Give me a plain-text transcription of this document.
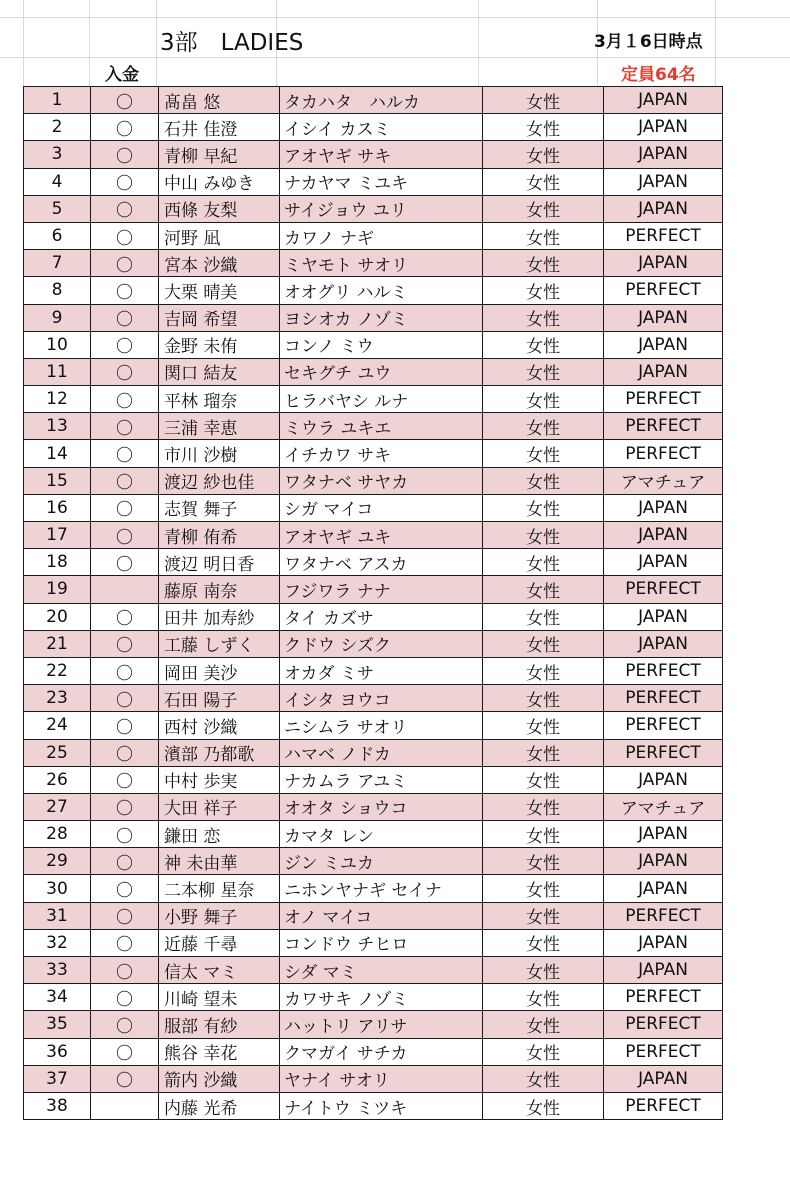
3部　LADIES	3月１6日時点
入金	定員64名
1	〇	髙畠 悠	タカハタ　ハルカ	女性	JAPAN
2	〇	石井 佳澄	イシイ カスミ	女性	JAPAN
3	〇	青柳 早紀	アオヤギ サキ	女性	JAPAN
4	〇	中山 みゆき	ナカヤマ ミユキ	女性	JAPAN
5	〇	西條 友梨	サイジョウ ユリ	女性	JAPAN
6	〇	河野 凪	カワノ ナギ	女性	PERFECT
7	〇	宮本 沙織	ミヤモト サオリ	女性	JAPAN
8	〇	大栗 晴美	オオグリ ハルミ	女性	PERFECT
9	〇	吉岡 希望	ヨシオカ ノゾミ	女性	JAPAN
10	〇	金野 未侑	コンノ ミウ	女性	JAPAN
11	〇	関口 結友	セキグチ ユウ	女性	JAPAN
12	〇	平林 瑠奈	ヒラバヤシ ルナ	女性	PERFECT
13	〇	三浦 幸恵	ミウラ ユキエ	女性	PERFECT
14	〇	市川 沙樹	イチカワ サキ	女性	PERFECT
15	〇	渡辺 紗也佳	ワタナベ サヤカ	女性	アマチュア
16	〇	志賀 舞子	シガ マイコ	女性	JAPAN
17	〇	青柳 侑希	アオヤギ ユキ	女性	JAPAN
18	〇	渡辺 明日香	ワタナベ アスカ	女性	JAPAN
19		藤原 南奈	フジワラ ナナ	女性	PERFECT
20	〇	田井 加寿紗	タイ カズサ	女性	JAPAN
21	〇	工藤 しずく	クドウ シズク	女性	JAPAN
22	〇	岡田 美沙	オカダ ミサ	女性	PERFECT
23	〇	石田 陽子	イシタ ヨウコ	女性	PERFECT
24	〇	西村 沙織	ニシムラ サオリ	女性	PERFECT
25	〇	濱部 乃都歌	ハマベ ノドカ	女性	PERFECT
26	〇	中村 歩実	ナカムラ アユミ	女性	JAPAN
27	〇	大田 祥子	オオタ ショウコ	女性	アマチュア
28	〇	鎌田 恋	カマタ レン	女性	JAPAN
29	〇	神 未由華	ジン ミユカ	女性	JAPAN
30	〇	二本柳 星奈	ニホンヤナギ セイナ	女性	JAPAN
31	〇	小野 舞子	オノ マイコ	女性	PERFECT
32	〇	近藤 千尋	コンドウ チヒロ	女性	JAPAN
33	〇	信太 マミ	シダ マミ	女性	JAPAN
34	〇	川崎 望未	カワサキ ノゾミ	女性	PERFECT
35	〇	服部 有紗	ハットリ アリサ	女性	PERFECT
36	〇	熊谷 幸花	クマガイ サチカ	女性	PERFECT
37	〇	箭内 沙織	ヤナイ サオリ	女性	JAPAN
38		内藤 光希	ナイトウ ミツキ	女性	PERFECT
